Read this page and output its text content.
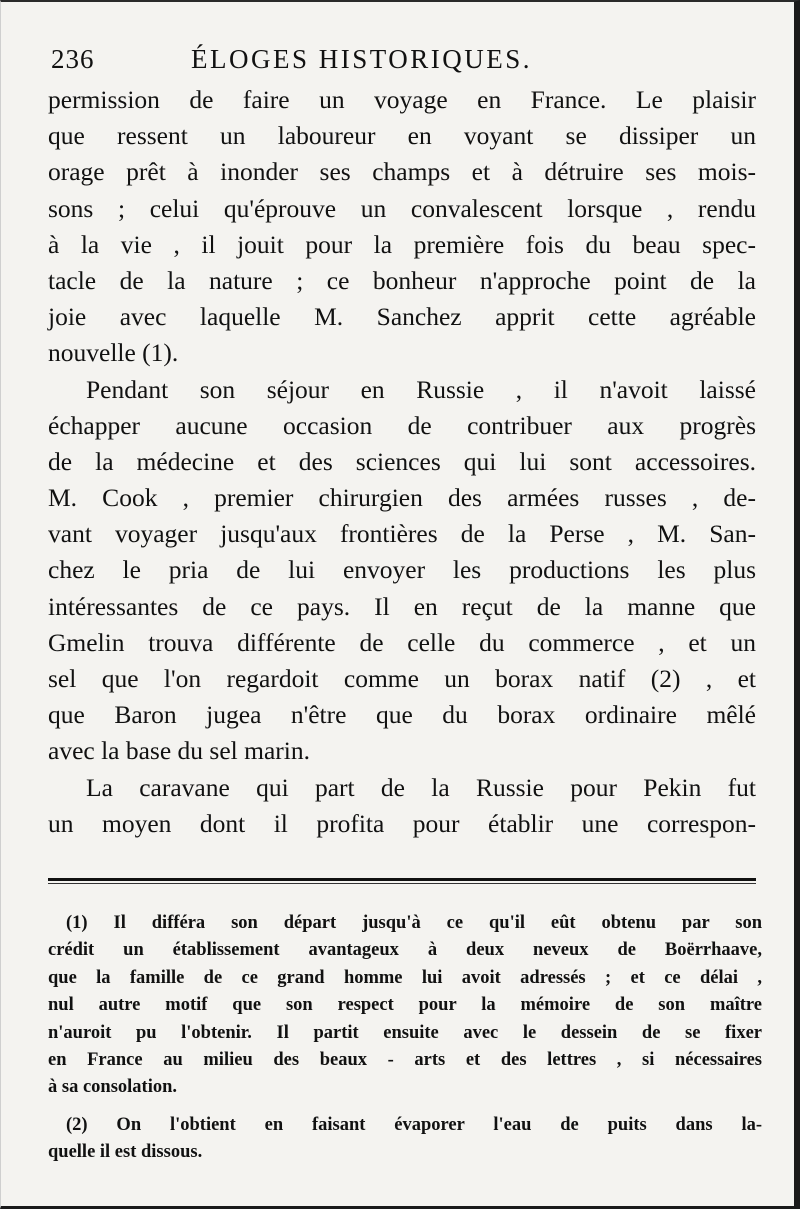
236	ÉLOGES HISTORIQUES.
permission de faire un voyage en France. Le plaisir
que ressent un laboureur en voyant se dissiper un
orage prêt à inonder ses champs et à détruire ses mois-
sons ; celui qu'éprouve un convalescent lorsque , rendu
à la vie , il jouit pour la première fois du beau spec-
tacle de la nature ; ce bonheur n'approche point de la
joie avec laquelle M. Sanchez apprit cette agréable
nouvelle (1).
Pendant son séjour en Russie , il n'avoit laissé
échapper aucune occasion de contribuer aux progrès
de la médecine et des sciences qui lui sont accessoires.
M. Cook , premier chirurgien des armées russes , de-
vant voyager jusqu'aux frontières de la Perse , M. San-
chez le pria de lui envoyer les productions les plus
intéressantes de ce pays. Il en reçut de la manne que
Gmelin trouva différente de celle du commerce , et un
sel que l'on regardoit comme un borax natif (2) , et
que Baron jugea n'être que du borax ordinaire mêlé
avec la base du sel marin.
La caravane qui part de la Russie pour Pekin fut
un moyen dont il profita pour établir une correspon-
(1) Il différa son départ jusqu'à ce qu'il eût obtenu par son
crédit un établissement avantageux à deux neveux de Boërrhaave,
que la famille de ce grand homme lui avoit adressés ; et ce délai ,
nul autre motif que son respect pour la mémoire de son maître
n'auroit pu l'obtenir. Il partit ensuite avec le dessein de se fixer
en France au milieu des beaux - arts et des lettres , si nécessaires
à sa consolation.
(2) On l'obtient en faisant évaporer l'eau de puits dans la-
quelle il est dissous.
